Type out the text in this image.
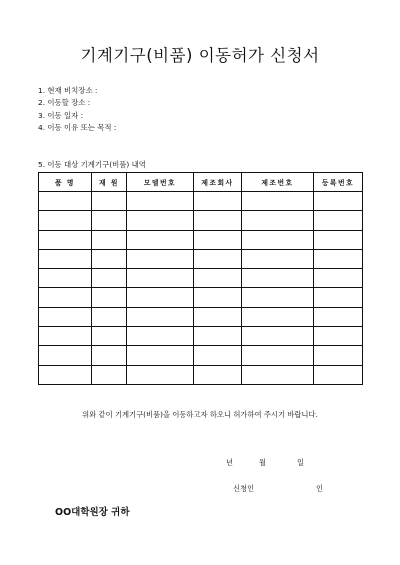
기계기구(비품) 이동허가 신청서
1. 현재 비치장소 :
2. 이동할 장소 :
3. 이동 일자 :
4. 이동 이유 또는 목적 :
5. 이동 대상 기계기구(비품) 내역
품 명	재 원	모델번호	제조회사	제조번호	등록번호

위와 같이 기계기구(비품)을 이동하고자 하오니 허가하여 주시기 바랍니다.
년	월	일
신청인	인
OO대학원장 귀하
